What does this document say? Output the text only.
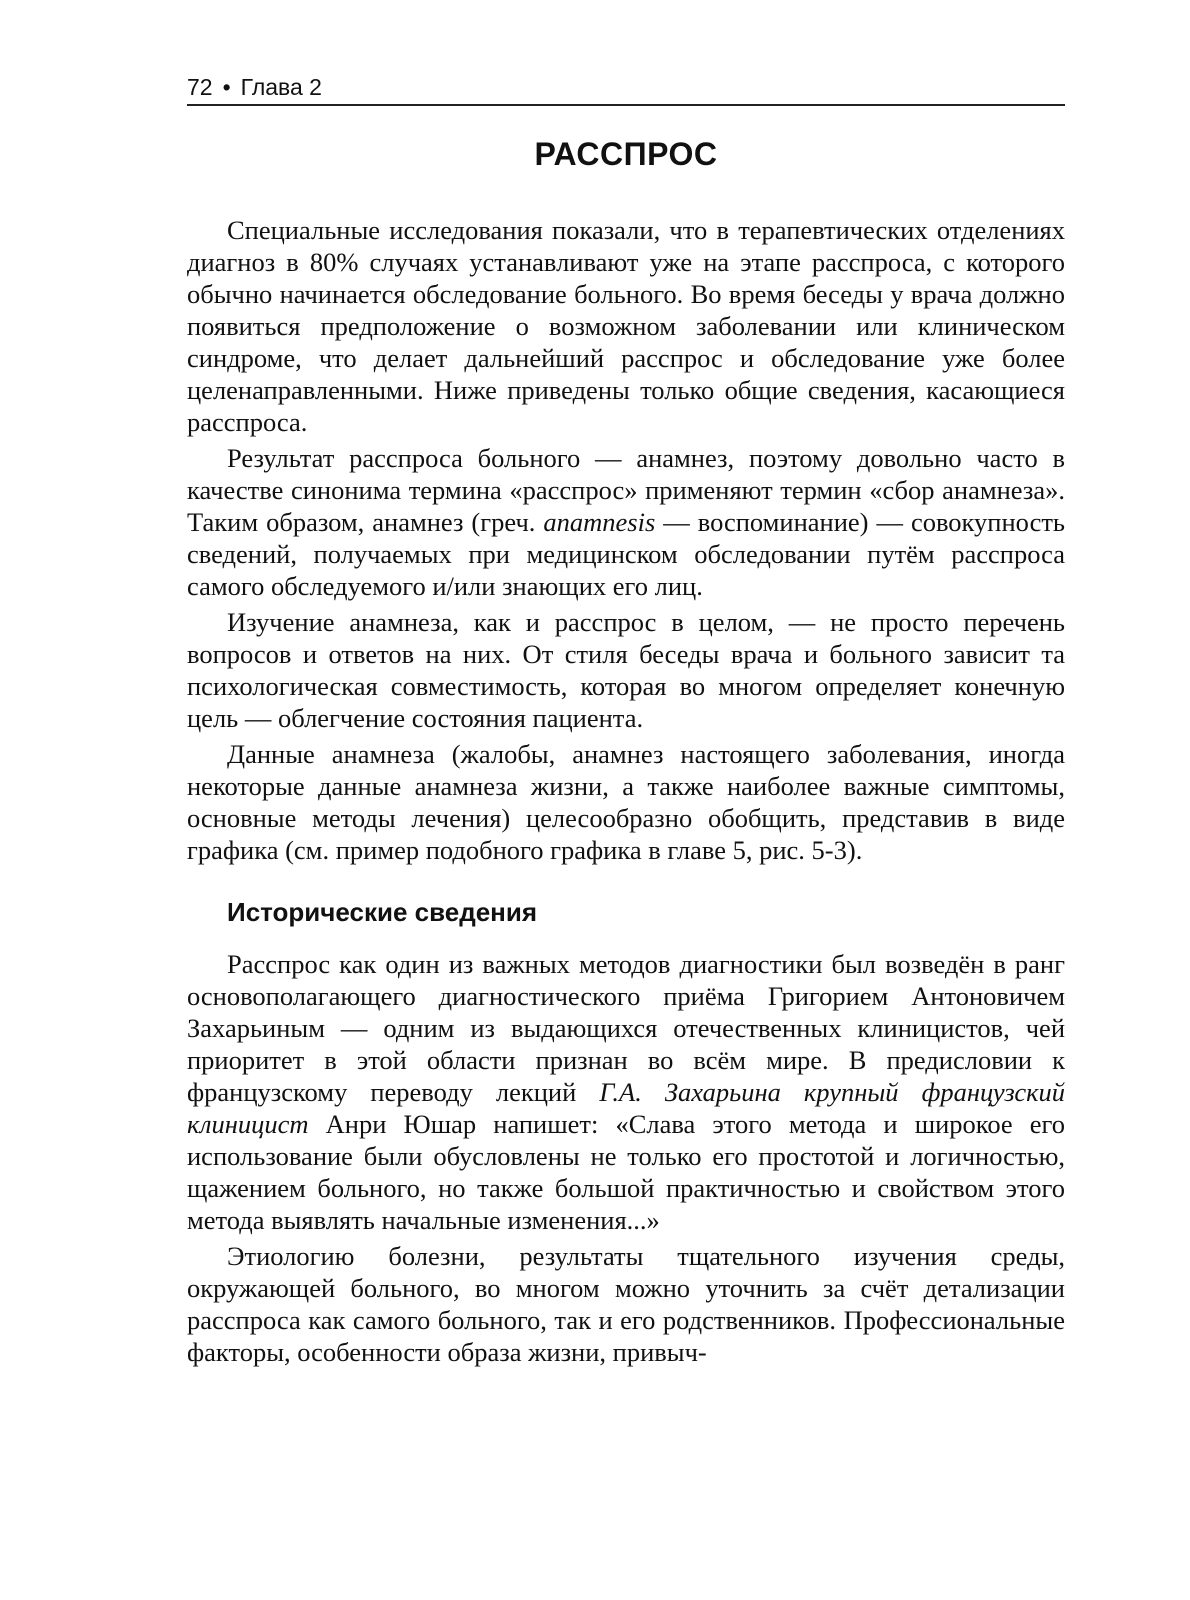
72 • Глава 2
РАССПРОС

Специальные исследования показали, что в терапевтических отделениях диагноз в 80% случаях устанавливают уже на этапе расспроса, с которого обычно начинается обследование больного. Во время беседы у врача должно появиться предположение о возможном заболевании или клиническом синдроме, что делает дальнейший расспрос и обследование уже более целенаправленными. Ниже приведены только общие сведения, касающиеся расспроса.

Результат расспроса больного — анамнез, поэтому довольно часто в качестве синонима термина «расспрос» применяют термин «сбор анамнеза». Таким образом, анамнез (греч. anamnesis — воспоминание) — совокупность сведений, получаемых при медицинском обследовании путём расспроса самого обследуемого и/или знающих его лиц.

Изучение анамнеза, как и расспрос в целом, — не просто перечень вопросов и ответов на них. От стиля беседы врача и больного зависит та психологическая совместимость, которая во многом определяет конечную цель — облегчение состояния пациента.

Данные анамнеза (жалобы, анамнез настоящего заболевания, иногда некоторые данные анамнеза жизни, а также наиболее важные симптомы, основные методы лечения) целесообразно обобщить, представив в виде графика (см. пример подобного графика в главе 5, рис. 5-3).

Исторические сведения

Расспрос как один из важных методов диагностики был возведён в ранг основополагающего диагностического приёма Григорием Антоновичем Захарьиным — одним из выдающихся отечественных клиницистов, чей приоритет в этой области признан во всём мире. В предисловии к французскому переводу лекций Г.А. Захарьина крупный французский клиницист Анри Юшар напишет: «Слава этого метода и широкое его использование были обусловлены не только его простотой и логичностью, щажением больного, но также большой практичностью и свойством этого метода выявлять начальные изменения...»

Этиологию болезни, результаты тщательного изучения среды, окружающей больного, во многом можно уточнить за счёт детализации расспроса как самого больного, так и его родственников. Профессиональные факторы, особенности образа жизни, привыч-
